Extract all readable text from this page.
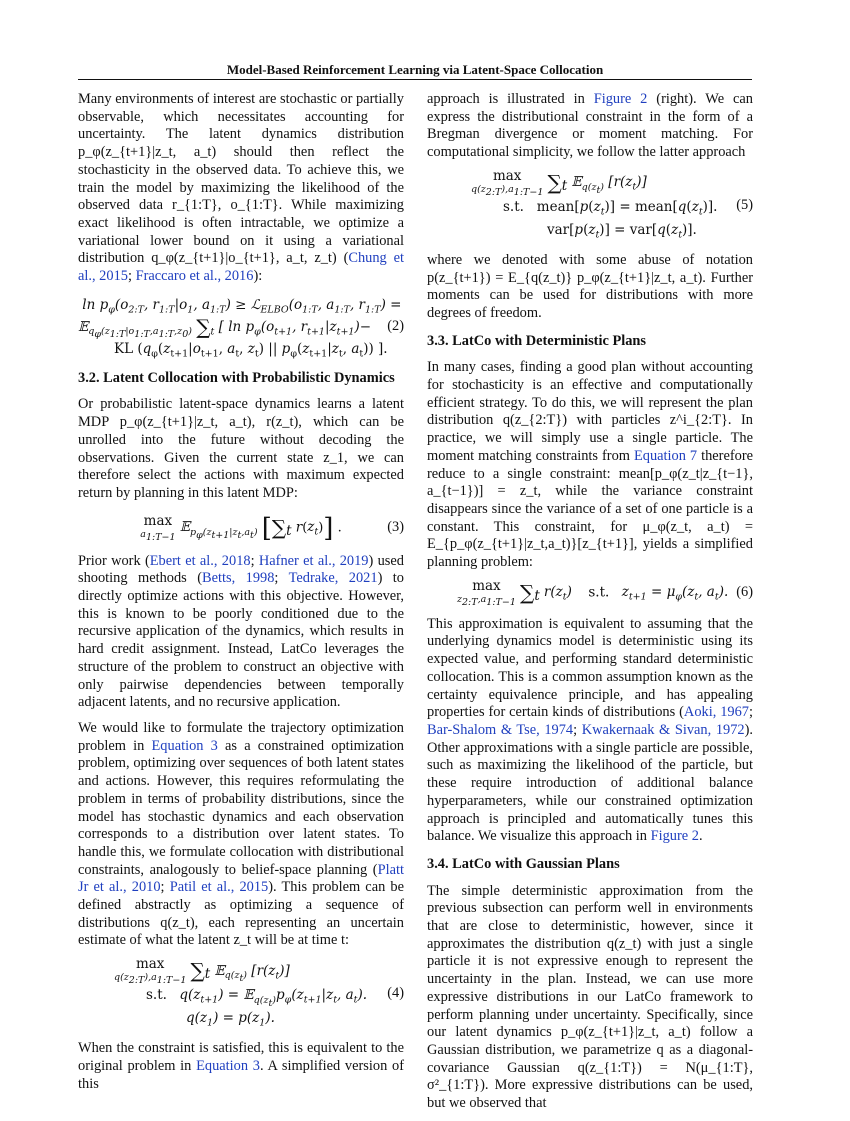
Model-Based Reinforcement Learning via Latent-Space Collocation

Many environments of interest are stochastic or partially observable, which necessitates accounting for uncertainty. The latent dynamics distribution p_φ(z_{t+1}|z_t, a_t) should then reflect the stochasticity in the observed data. To achieve this, we train the model by maximizing the likelihood of the observed data r_{1:T}, o_{1:T}. While maximizing exact likelihood is often intractable, we optimize a variational lower bound on it using a variational distribution q_φ(z_{t+1}|o_{t+1}, a_t, z_t) (Chung et al., 2015; Fraccaro et al., 2016):

$\ln p_\varphi(o_{2:T}$, $r_{1:T}|o_1$, $a_{1:T}$) ≥ $ℒ_{ELBO}(o_{1:T}$, $a_{1:T}$, $r_{1:T}$) =
𝔼$_{q_\varphi(z_{1:T}|o_{1:T},a_{1:T},z_0)}$ $\sum_t$ [ $\ln p_\varphi(o_{t+1}$, $r_{t+1}|z_{t+1})-$
KL ($q_\varphi(z_{t+1}|o_{t+1}$, $a_t$, $z_t$) || $p_\varphi(z_{t+1}|z_t$, $a_t$)) ].
(2)
3.2. Latent Collocation with Probabilistic Dynamics

Or probabilistic latent-space dynamics learns a latent MDP p_φ(z_{t+1}|z_t, a_t), r(z_t), which can be unrolled into the future without decoding the observations. Given the current state z_1, we can therefore select the actions with maximum expected return by planning in this latent MDP:

max
$a_{1:T-1}$ 𝔼$_{p_\varphi(z_{t+1}|z_t,a_t)}$ [$\sum_t$ $r(z_t)$] .	(3)

Prior work (Ebert et al., 2018; Hafner et al., 2019) used shooting methods (Betts, 1998; Tedrake, 2021) to directly optimize actions with this objective. However, this is known to be poorly conditioned due to the recursive application of the dynamics, which results in hard credit assignment. Instead, LatCo leverages the structure of the problem to construct an objective with only pairwise dependencies between temporally adjacent latents, and no recursive application.

We would like to formulate the trajectory optimization problem in Equation 3 as a constrained optimization problem, optimizing over sequences of both latent states and actions. However, this requires reformulating the problem in terms of probability distributions, since the model has stochastic dynamics and each observation corresponds to a distribution over latent states. To handle this, we formulate collocation with distributional constraints, analogously to belief-space planning (Platt Jr et al., 2010; Patil et al., 2015). This problem can be defined abstractly as optimizing a sequence of distributions q(z_t), each representing an uncertain estimate of what the latent z_t will be at time t:

max
$q(z_{2:T}),a_{1:T-1}$ $\sum_t$ 𝔼$_{q(z_t)}$ $[r(z_t)]$
s.t. $q(z_{t+1})$ = $𝔼_{q(z_t)}p_\varphi(z_{t+1}|z_t$, $a_t$).
$q(z_1) = p(z_1)$.
(4)

When the constraint is satisfied, this is equivalent to the original problem in Equation 3. A simplified version of this

approach is illustrated in Figure 2 (right). We can express the distributional constraint in the form of a Bregman divergence or moment matching. For computational simplicity, we follow the latter approach

max
$q(z_{2:T}),a_{1:T-1}$ $\sum_t$ 𝔼$_{q(z_t)}$ $[r(z_t)]$
s.t.   $mean[p(z_t)]$ = $mean[q(z_t)]$.
$var[p(z_t)] = var[q(z_t)]$.
(5)

where we denoted with some abuse of notation p(z_{t+1}) = E_{q(z_t)} p_φ(z_{t+1}|z_t, a_t). Further moments can be used for distributions with more degrees of freedom.

3.3. LatCo with Deterministic Plans

In many cases, finding a good plan without accounting for stochasticity is an effective and computationally efficient strategy. To do this, we will represent the plan distribution q(z_{2:T}) with particles z^i_{2:T}. In practice, we will simply use a single particle. The moment matching constraints from Equation 7 therefore reduce to a single constraint: mean[p_φ(z_t|z_{t−1}, a_{t−1})] = z_t, while the variance constraint disappears since the variance of a set of one particle is a constant. This constraint, for μ_φ(z_t, a_t) = E_{p_φ(z_{t+1}|z_t,a_t)}[z_{t+1}], yields a simplified planning problem:

max
$z_{2:T},a_{1:T-1}$ $\sum_t$ $r(z_t)$ s.t. $z_{t+1} = \mu_\varphi(z_t$, $a_t$). (6)

This approximation is equivalent to assuming that the underlying dynamics model is deterministic using its expected value, and performing standard deterministic collocation. This is a common assumption known as the certainty equivalence principle, and has appealing properties for certain kinds of distributions (Aoki, 1967; Bar-Shalom & Tse, 1974; Kwakernaak & Sivan, 1972). Other approximations with a single particle are possible, such as maximizing the likelihood of the particle, but these require introduction of additional balance hyperparameters, while our constrained optimization approach is principled and automatically tunes this balance. We visualize this approach in Figure 2.

3.4. LatCo with Gaussian Plans

The simple deterministic approximation from the previous subsection can perform well in environments that are close to deterministic, however, since it approximates the distribution q(z_t) with just a single particle it is not expressive enough to represent the uncertainty in the plan. Instead, we can use more expressive distributions in our LatCo framework to perform planning under uncertainty. Specifically, since our latent dynamics p_φ(z_{t+1}|z_t, a_t) follow a Gaussian distribution, we parametrize q as a diagonal-covariance Gaussian q(z_{1:T}) = N(μ_{1:T}, σ²_{1:T}). More expressive distributions can be used, but we observed that
